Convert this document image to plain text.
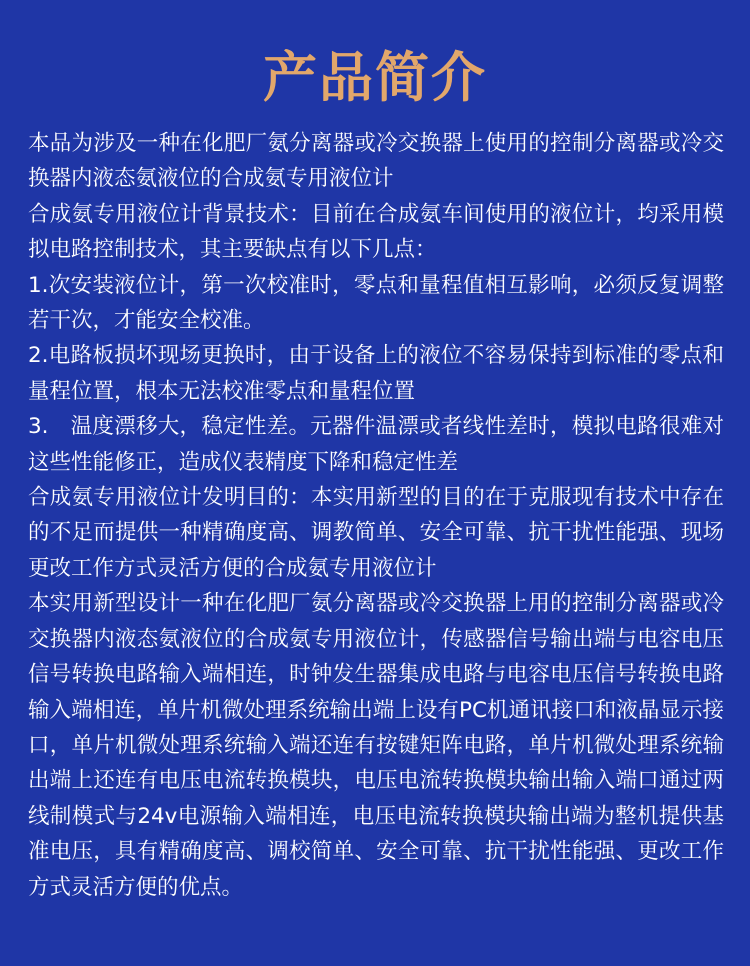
产品简介

本品为涉及一种在化肥厂氨分离器或冷交换器上使用的控制分离器或冷交换器内液态氨液位的合成氨专用液位计

合成氨专用液位计背景技术：目前在合成氨车间使用的液位计，均采用模拟电路控制技术，其主要缺点有以下几点：

1.次安装液位计，第一次校准时，零点和量程值相互影响，必须反复调整若干次，才能安全校准。

2.电路板损坏现场更换时，由于设备上的液位不容易保持到标准的零点和量程位置，根本无法校准零点和量程位置

3.　温度漂移大，稳定性差。元器件温漂或者线性差时，模拟电路很难对这些性能修正，造成仪表精度下降和稳定性差

合成氨专用液位计发明目的：本实用新型的目的在于克服现有技术中存在的不足而提供一种精确度高、调教简单、安全可靠、抗干扰性能强、现场更改工作方式灵活方便的合成氨专用液位计

本实用新型设计一种在化肥厂氨分离器或冷交换器上用的控制分离器或冷交换器内液态氨液位的合成氨专用液位计，传感器信号输出端与电容电压信号转换电路输入端相连，时钟发生器集成电路与电容电压信号转换电路输入端相连，单片机微处理系统输出端上设有PC机通讯接口和液晶显示接口，单片机微处理系统输入端还连有按键矩阵电路，单片机微处理系统输出端上还连有电压电流转换模块，电压电流转换模块输出输入端口通过两线制模式与24v电源输入端相连，电压电流转换模块输出端为整机提供基准电压，具有精确度高、调校简单、安全可靠、抗干扰性能强、更改工作方式灵活方便的优点。
